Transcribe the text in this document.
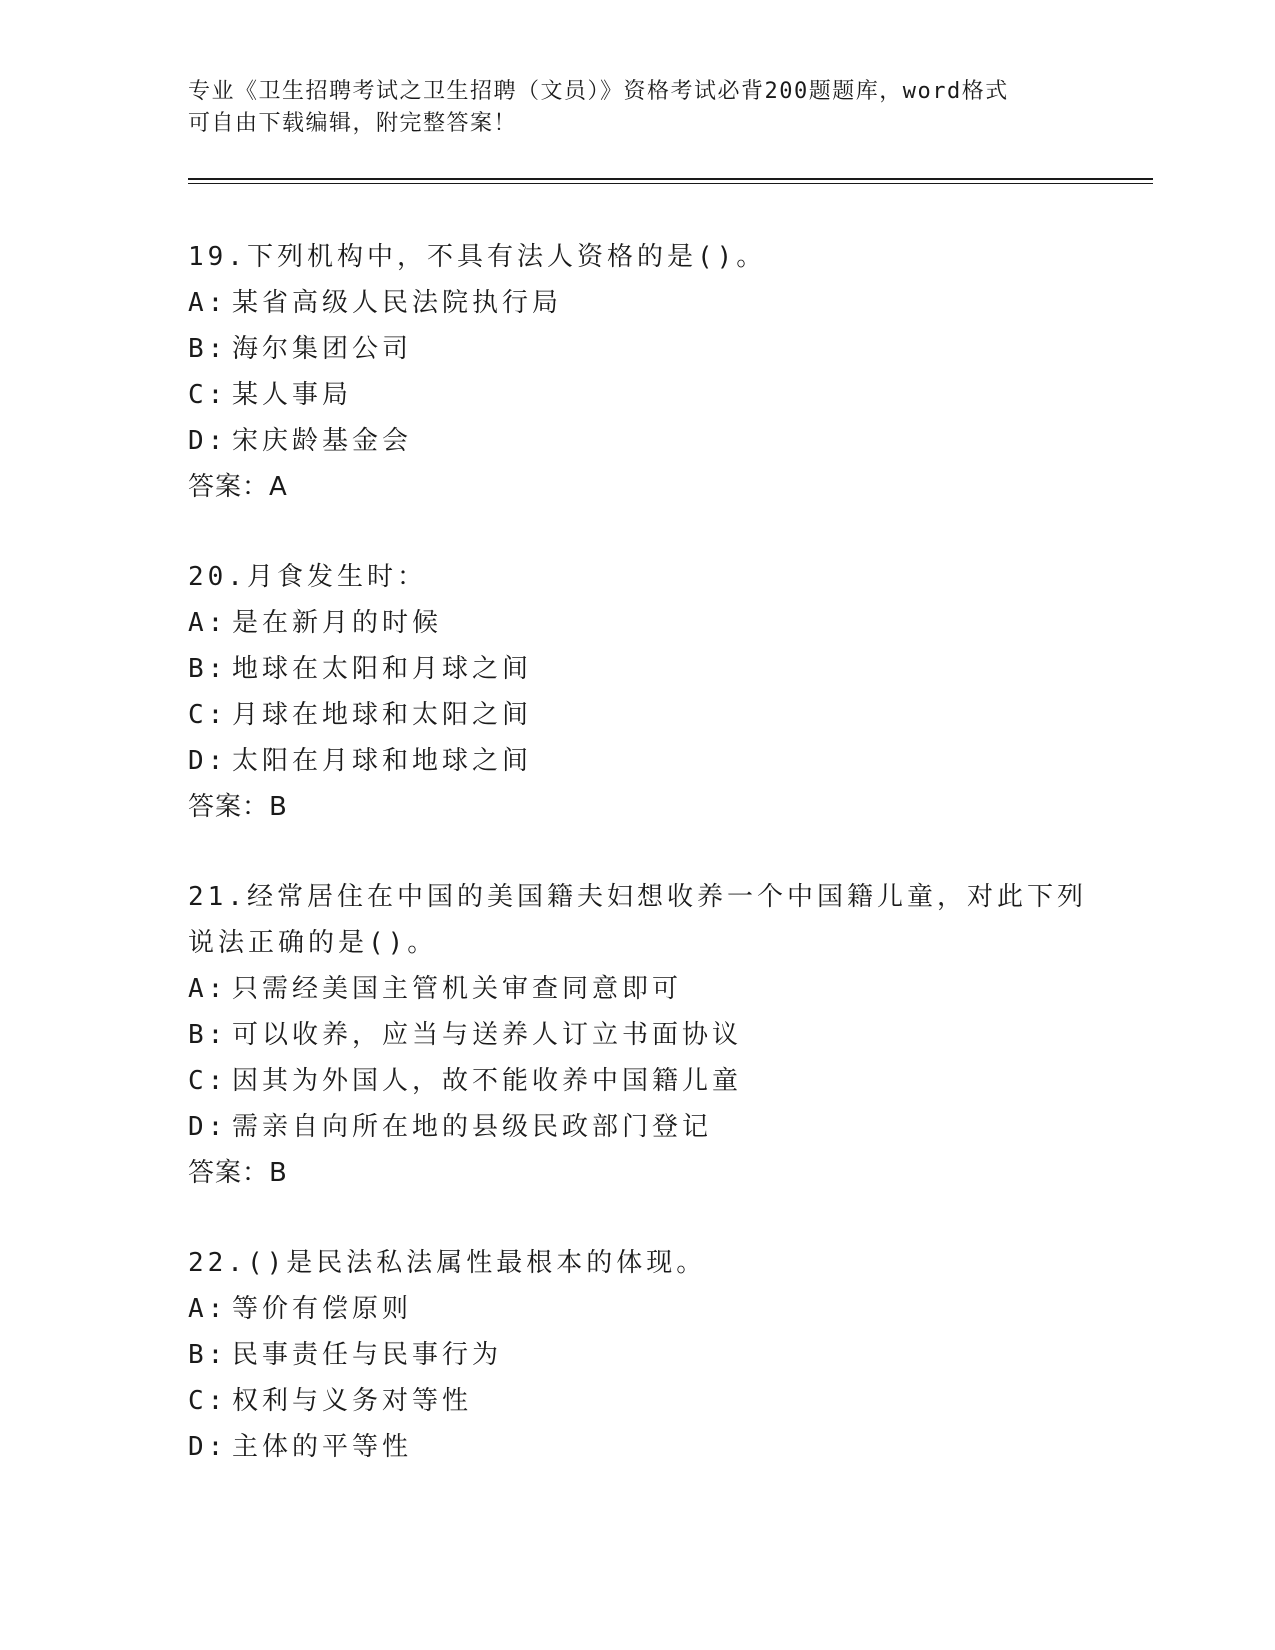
专业《卫生招聘考试之卫生招聘（文员）》资格考试必背200题题库，word格式
可自由下载编辑，附完整答案！

19.下列机构中，不具有法人资格的是()。

A: 某省高级人民法院执行局

B: 海尔集团公司

C: 某人事局

D: 宋庆龄基金会

答案：A

20.月食发生时：

A: 是在新月的时候

B: 地球在太阳和月球之间

C: 月球在地球和太阳之间

D: 太阳在月球和地球之间

答案：B

21.经常居住在中国的美国籍夫妇想收养一个中国籍儿童，对此下列说法正确的是()。

A: 只需经美国主管机关审查同意即可

B: 可以收养，应当与送养人订立书面协议

C: 因其为外国人，故不能收养中国籍儿童

D: 需亲自向所在地的县级民政部门登记

答案：B

22.()是民法私法属性最根本的体现。

A: 等价有偿原则

B: 民事责任与民事行为

C: 权利与义务对等性

D: 主体的平等性
